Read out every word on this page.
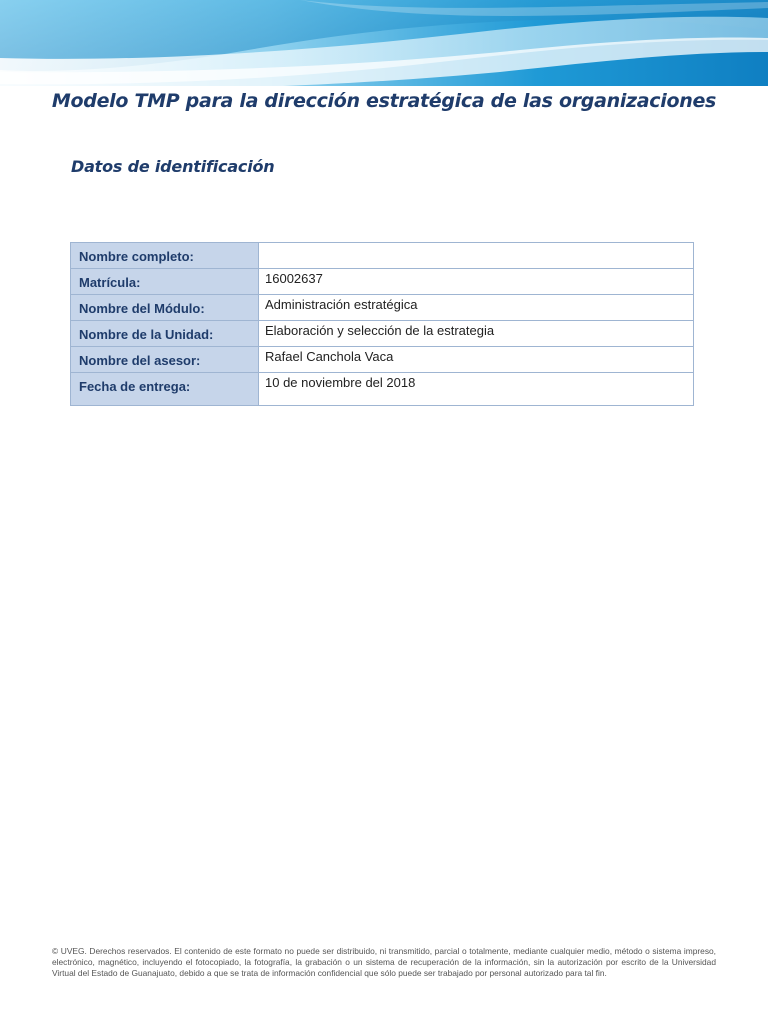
Modelo TMP para la dirección estratégica de las organizaciones
Datos de identificación
Nombre completo:	
Matrícula:	16002637
Nombre del Módulo:	Administración estratégica
Nombre de la Unidad:	Elaboración y selección de la estrategia
Nombre del asesor:	Rafael Canchola Vaca
Fecha de entrega:	10 de noviembre del 2018
© UVEG. Derechos reservados. El contenido de este formato no puede ser distribuido, ni transmitido, parcial o totalmente, mediante cualquier medio, método o sistema impreso, electrónico, magnético, incluyendo el fotocopiado, la fotografía, la grabación o un sistema de recuperación de la información, sin la autorización por escrito de la Universidad Virtual del Estado de Guanajuato, debido a que se trata de información confidencial que sólo puede ser trabajado por personal autorizado para tal fin.
